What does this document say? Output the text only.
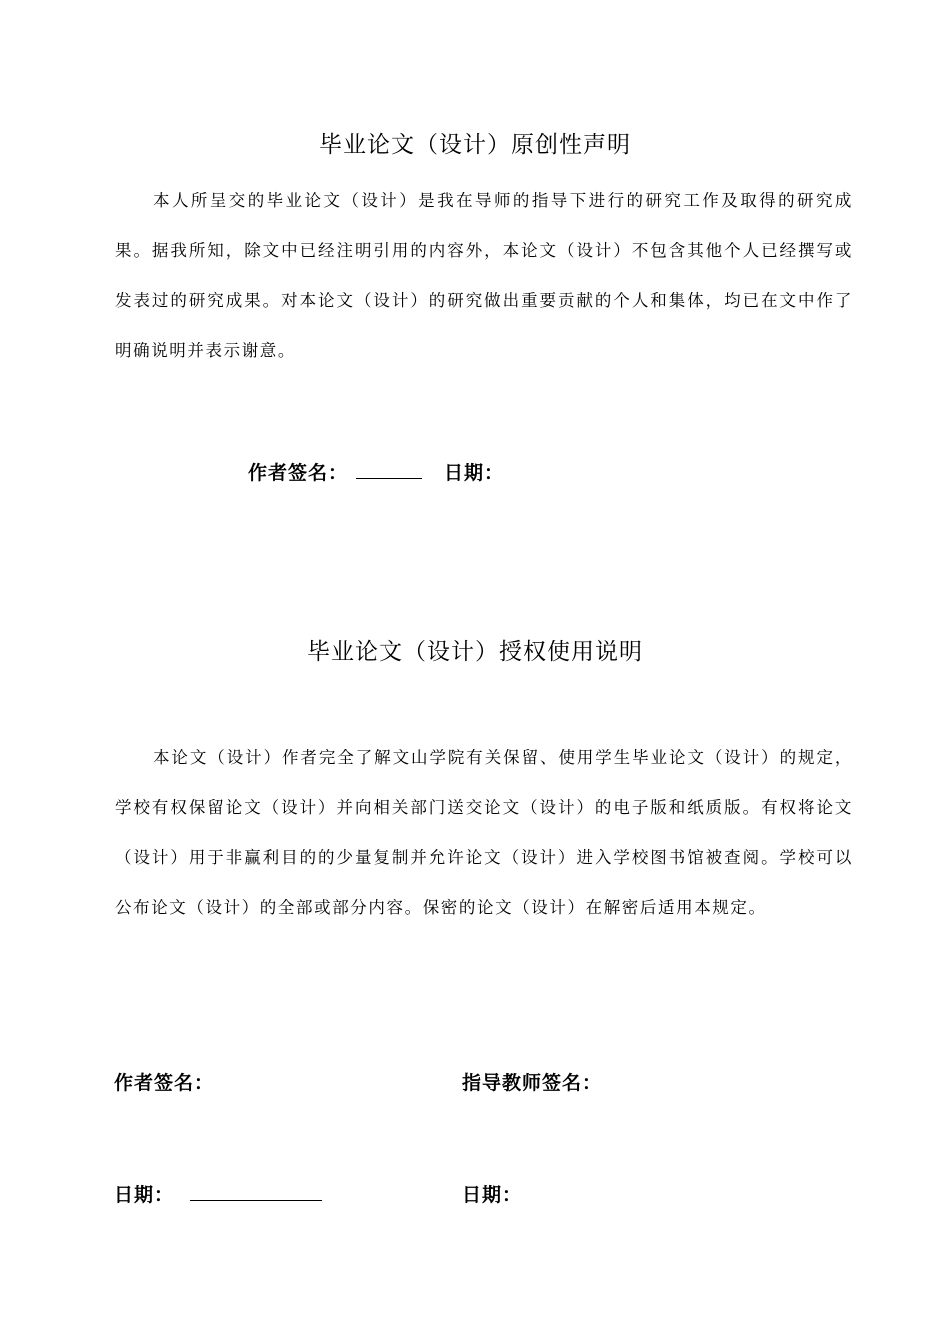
毕业论文（设计）原创性声明

本人所呈交的毕业论文（设计）是我在导师的指导下进行的研究工作及取得的研究成果。据我所知，除文中已经注明引用的内容外，本论文（设计）不包含其他个人已经撰写或发表过的研究成果。对本论文（设计）的研究做出重要贡献的个人和集体，均已在文中作了明确说明并表示谢意。

作者签名：	日期：
毕业论文（设计）授权使用说明

本论文（设计）作者完全了解文山学院有关保留、使用学生毕业论文（设计）的规定，学校有权保留论文（设计）并向相关部门送交论文（设计）的电子版和纸质版。有权将论文（设计）用于非赢利目的的少量复制并允许论文（设计）进入学校图书馆被查阅。学校可以公布论文（设计）的全部或部分内容。保密的论文（设计）在解密后适用本规定。

作者签名：	指导教师签名：
日期：	日期：
